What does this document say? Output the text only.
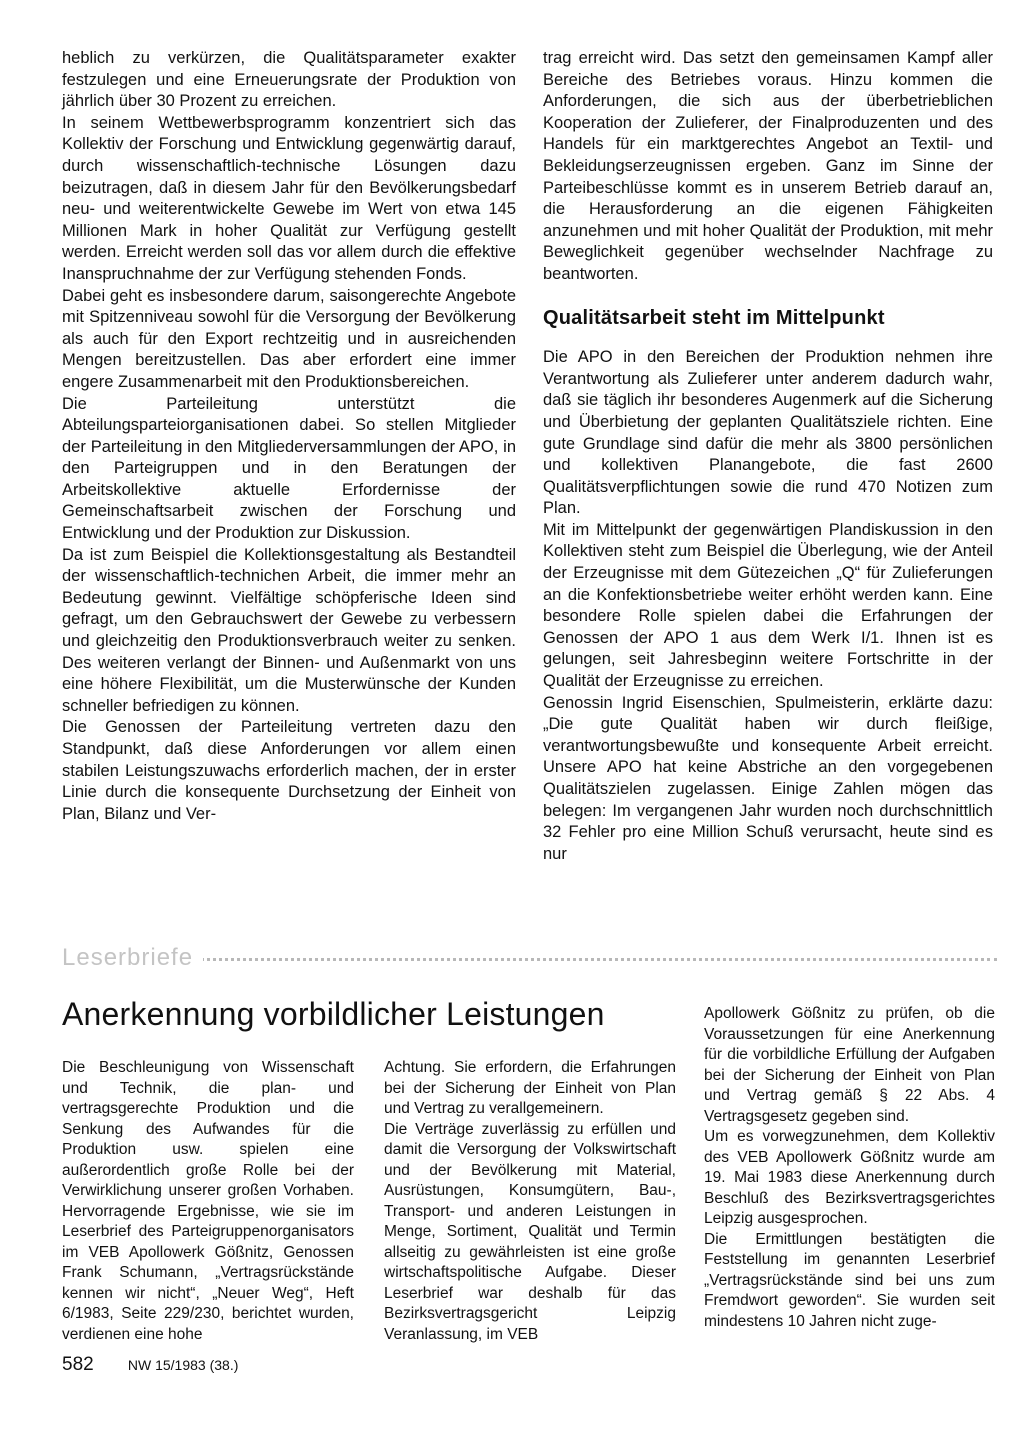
heblich zu verkürzen, die Qualitätsparameter exakter festzulegen und eine Erneuerungsrate der Produktion von jährlich über 30 Prozent zu erreichen.

In seinem Wettbewerbsprogramm konzentriert sich das Kollektiv der Forschung und Entwicklung gegenwärtig darauf, durch wissenschaftlich-technische Lösungen dazu beizutragen, daß in diesem Jahr für den Bevölkerungsbedarf neu- und weiterentwickelte Gewebe im Wert von etwa 145 Millionen Mark in hoher Qualität zur Verfügung gestellt werden. Erreicht werden soll das vor allem durch die effektive Inanspruchnahme der zur Verfügung stehenden Fonds.

Dabei geht es insbesondere darum, saisongerechte Angebote mit Spitzenniveau sowohl für die Versorgung der Bevölkerung als auch für den Export rechtzeitig und in ausreichenden Mengen bereitzustellen. Das aber erfordert eine immer engere Zusammenarbeit mit den Produktionsbereichen.

Die Parteileitung unterstützt die Abteilungsparteiorganisationen dabei. So stellen Mitglieder der Parteileitung in den Mitgliederversammlungen der APO, in den Parteigruppen und in den Beratungen der Arbeitskollektive aktuelle Erfordernisse der Gemeinschaftsarbeit zwischen der Forschung und Entwicklung und der Produktion zur Diskussion.

Da ist zum Beispiel die Kollektionsgestaltung als Bestandteil der wissenschaftlich-technichen Arbeit, die immer mehr an Bedeutung gewinnt. Vielfältige schöpferische Ideen sind gefragt, um den Gebrauchswert der Gewebe zu verbessern und gleichzeitig den Produktionsverbrauch weiter zu senken. Des weiteren verlangt der Binnen- und Außenmarkt von uns eine höhere Flexibilität, um die Musterwünsche der Kunden schneller befriedigen zu können.

Die Genossen der Parteileitung vertreten dazu den Standpunkt, daß diese Anforderungen vor allem einen stabilen Leistungszuwachs erforderlich machen, der in erster Linie durch die konsequente Durchsetzung der Einheit von Plan, Bilanz und Ver-

trag erreicht wird. Das setzt den gemeinsamen Kampf aller Bereiche des Betriebes voraus. Hinzu kommen die Anforderungen, die sich aus der überbetrieblichen Kooperation der Zulieferer, der Finalproduzenten und des Handels für ein marktgerechtes Angebot an Textil- und Bekleidungserzeugnissen ergeben. Ganz im Sinne der Parteibeschlüsse kommt es in unserem Betrieb darauf an, die Herausforderung an die eigenen Fähigkeiten anzunehmen und mit hoher Qualität der Produktion, mit mehr Beweglichkeit gegenüber wechselnder Nachfrage zu beantworten.

Qualitätsarbeit steht im Mittelpunkt

Die APO in den Bereichen der Produktion nehmen ihre Verantwortung als Zulieferer unter anderem dadurch wahr, daß sie täglich ihr besonderes Augenmerk auf die Sicherung und Überbietung der geplanten Qualitätsziele richten. Eine gute Grundlage sind dafür die mehr als 3800 persönlichen und kollektiven Planangebote, die fast 2600 Qualitätsverpflichtungen sowie die rund 470 Notizen zum Plan.

Mit im Mittelpunkt der gegenwärtigen Plandiskussion in den Kollektiven steht zum Beispiel die Überlegung, wie der Anteil der Erzeugnisse mit dem Gütezeichen „Q“ für Zulieferungen an die Konfektionsbetriebe weiter erhöht werden kann. Eine besondere Rolle spielen dabei die Erfahrungen der Genossen der APO 1 aus dem Werk I/1. Ihnen ist es gelungen, seit Jahresbeginn weitere Fortschritte in der Qualität der Erzeugnisse zu erreichen.

Genossin Ingrid Eisenschien, Spulmeisterin, erklärte dazu: „Die gute Qualität haben wir durch fleißige, verantwortungsbewußte und konsequente Arbeit erreicht. Unsere APO hat keine Abstriche an den vorgegebenen Qualitätszielen zugelassen. Einige Zahlen mögen das belegen: Im vergangenen Jahr wurden noch durchschnittlich 32 Fehler pro eine Million Schuß verursacht, heute sind es nur

Leserbriefe
Anerkennung vorbildlicher Leistungen

Die Beschleunigung von Wissenschaft und Technik, die plan- und vertragsgerechte Produktion und die Senkung des Aufwandes für die Produktion usw. spielen eine außerordentlich große Rolle bei der Verwirklichung unserer großen Vorhaben. Hervorragende Ergebnisse, wie sie im Leserbrief des Parteigruppenorganisators im VEB Apollowerk Gößnitz, Genossen Frank Schumann, „Vertragsrückstände kennen wir nicht“, „Neuer Weg“, Heft 6/1983, Seite 229/230, berichtet wurden, verdienen eine hohe

Achtung. Sie erfordern, die Erfahrungen bei der Sicherung der Einheit von Plan und Vertrag zu verallgemeinern.

Die Verträge zuverlässig zu erfüllen und damit die Versorgung der Volkswirtschaft und der Bevölkerung mit Material, Ausrüstungen, Konsumgütern, Bau-, Transport- und anderen Leistungen in Menge, Sortiment, Qualität und Termin allseitig zu gewährleisten ist eine große wirtschaftspolitische Aufgabe. Dieser Leserbrief war deshalb für das Bezirksvertragsgericht Leipzig Veranlassung, im VEB

Apollowerk Gößnitz zu prüfen, ob die Voraussetzungen für eine Anerkennung für die vorbildliche Erfüllung der Aufgaben bei der Sicherung der Einheit von Plan und Vertrag gemäß § 22 Abs. 4 Vertragsgesetz gegeben sind.

Um es vorwegzunehmen, dem Kollektiv des VEB Apollowerk Gößnitz wurde am 19. Mai 1983 diese Anerkennung durch Beschluß des Bezirksvertragsgerichtes Leipzig ausgesprochen.

Die Ermittlungen bestätigten die Feststellung im genannten Leserbrief „Vertragsrückstände sind bei uns zum Fremdwort geworden“. Sie wurden seit mindestens 10 Jahren nicht zuge-

582 NW 15/1983 (38.)
